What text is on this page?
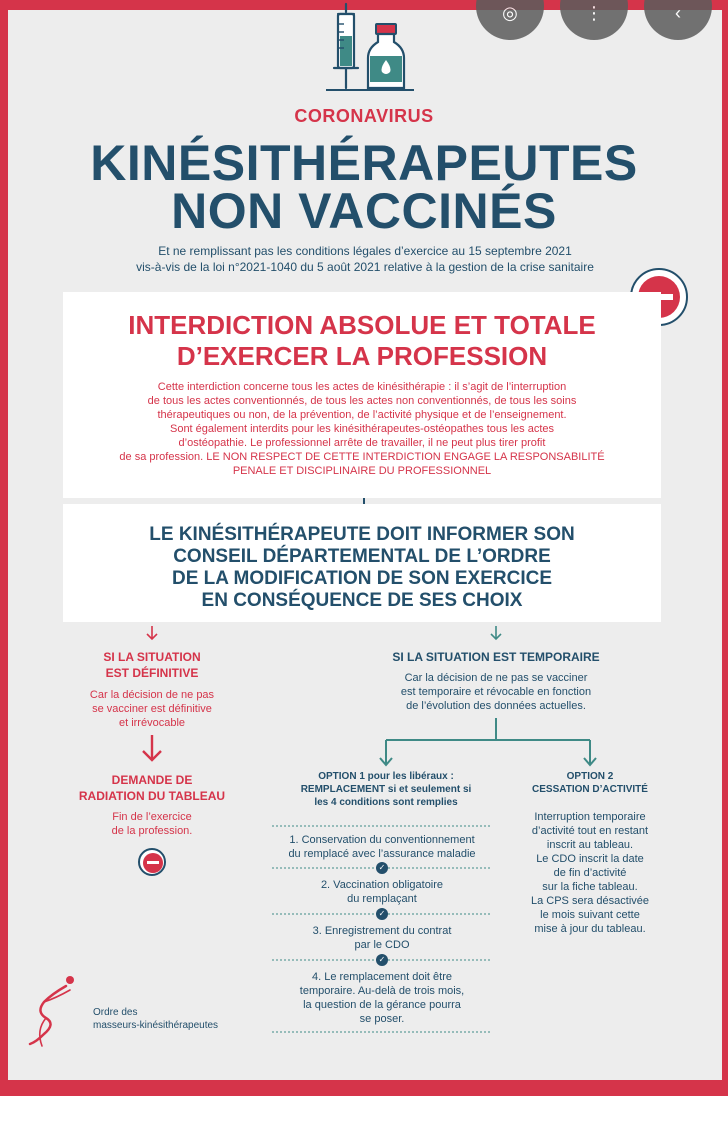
CORONAVIRUS
KINÉSITHÉRAPEUTES
NON VACCINÉS
Et ne remplissant pas les conditions légales d’exercice au 15 septembre 2021
vis-à-vis de la loi n°2021-1040 du 5 août 2021 relative à la gestion de la crise sanitaire
INTERDICTION ABSOLUE ET TOTALE
D’EXERCER LA PROFESSION
Cette interdiction concerne tous les actes de kinésithérapie : il s’agit de l’interruption
de tous les actes conventionnés, de tous les actes non conventionnés, de tous les soins
thérapeutiques ou non, de la prévention, de l’activité physique et de l’enseignement.
Sont également interdits pour les kinésithérapeutes-ostéopathes tous les actes
d’ostéopathie. Le professionnel arrête de travailler, il ne peut plus tirer profit
de sa profession. LE NON RESPECT DE CETTE INTERDICTION ENGAGE LA RESPONSABILITÉ
PENALE ET DISCIPLINAIRE DU PROFESSIONNEL
LE KINÉSITHÉRAPEUTE DOIT INFORMER SON
CONSEIL DÉPARTEMENTAL DE L’ORDRE
DE LA MODIFICATION DE SON EXERCICE
EN CONSÉQUENCE DE SES CHOIX
SI LA SITUATION
EST DÉFINITIVE
Car la décision de ne pas
se vacciner est définitive
et irrévocable
DEMANDE DE
RADIATION DU TABLEAU
Fin de l’exercice
de la profession.
SI LA SITUATION EST TEMPORAIRE
Car la décision de ne pas se vacciner
est temporaire et révocable en fonction
de l’évolution des données actuelles.
OPTION 1 pour les libéraux :
REMPLACEMENT si et seulement si
les 4 conditions sont remplies
1. Conservation du conventionnement
du remplacé avec l’assurance maladie
✓
2. Vaccination obligatoire
du remplaçant
✓
3. Enregistrement du contrat
par le CDO
✓
4. Le remplacement doit être
temporaire. Au-delà de trois mois,
la question de la gérance pourra
se poser.
OPTION 2
CESSATION D’ACTIVITÉ
Interruption temporaire
d’activité tout en restant
inscrit au tableau.
Le CDO inscrit la date
de fin d’activité
sur la fiche tableau.
La CPS sera désactivée
le mois suivant cette
mise à jour du tableau.
Ordre des
masseurs-kinésithérapeutes
◎	⋮	‹
